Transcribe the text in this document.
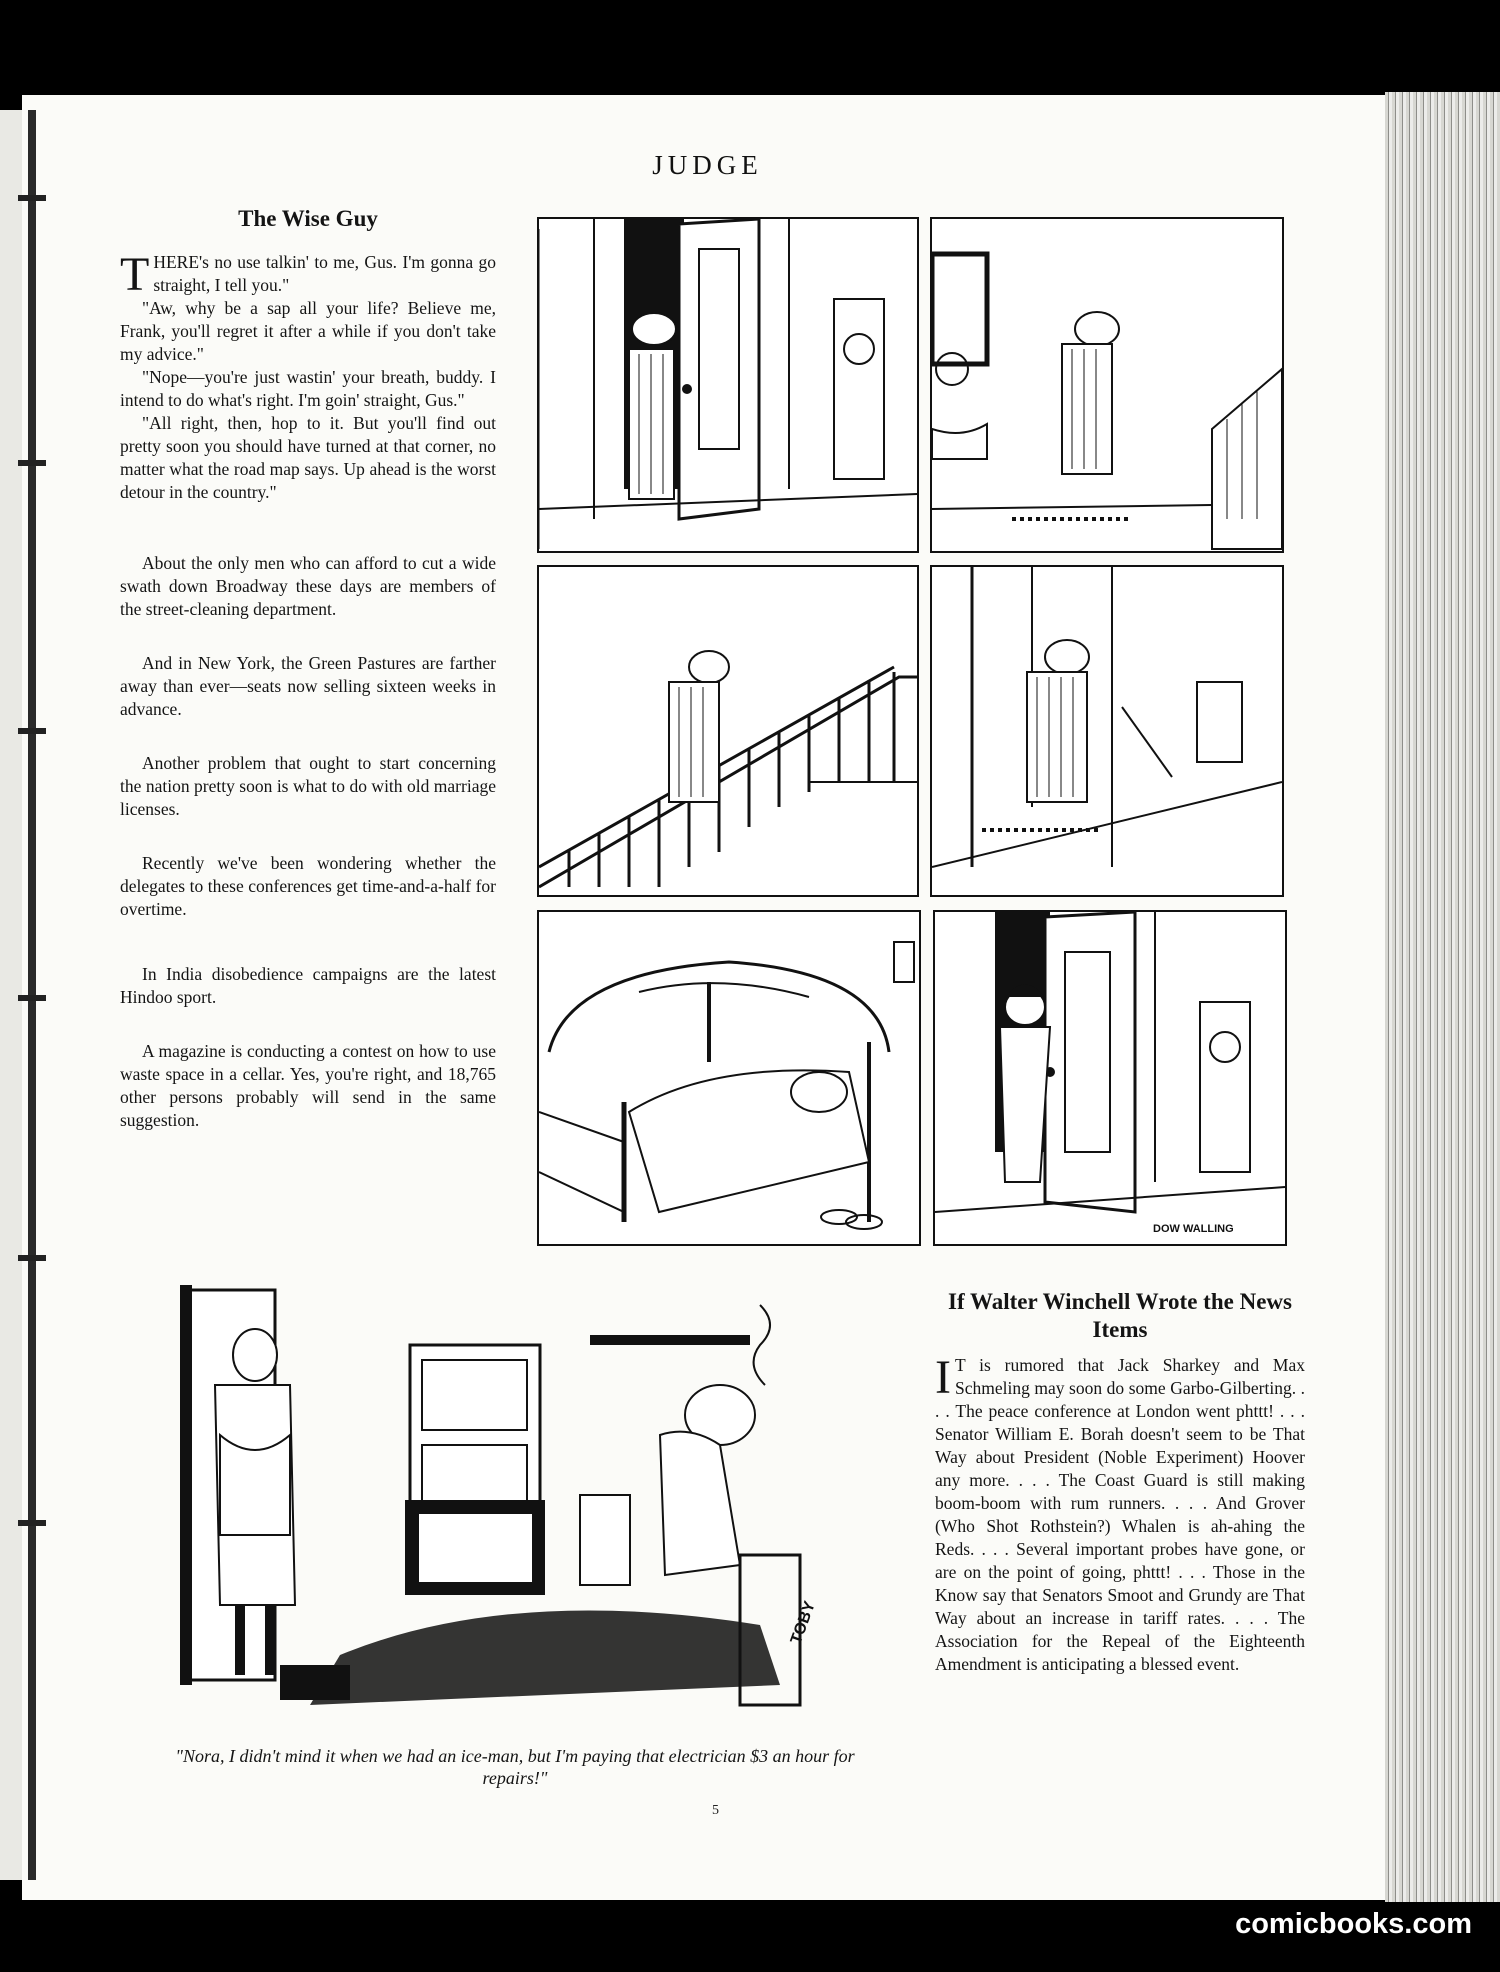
JUDGE
The Wise Guy

THERE's no use talkin' to me, Gus. I'm gonna go straight, I tell you."

"Aw, why be a sap all your life? Believe me, Frank, you'll regret it after a while if you don't take my advice."

"Nope—you're just wastin' your breath, buddy. I intend to do what's right. I'm goin' straight, Gus."

"All right, then, hop to it. But you'll find out pretty soon you should have turned at that corner, no matter what the road map says. Up ahead is the worst detour in the country."

About the only men who can afford to cut a wide swath down Broadway these days are members of the street-cleaning department.

And in New York, the Green Pastures are farther away than ever—seats now selling sixteen weeks in advance.

Another problem that ought to start concerning the nation pretty soon is what to do with old marriage licenses.

Recently we've been wondering whether the delegates to these conferences get time-and-a-half for overtime.

In India disobedience campaigns are the latest Hindoo sport.

A magazine is conducting a contest on how to use waste space in a cellar. Yes, you're right, and 18,765 other persons probably will send in the same suggestion.

DOW WALLING
TOBY
"Nora, I didn't mind it when we had an ice-man, but I'm paying that electrician $3 an hour for repairs!"
If Walter Winchell Wrote the News Items

I T is rumored that Jack Sharkey and Max Schmeling may soon do some Garbo-Gilberting. . . . The peace conference at London went phttt! . . . Senator William E. Borah doesn't seem to be That Way about President (Noble Experiment) Hoover any more. . . . The Coast Guard is still making boom-boom with rum runners. . . . And Grover (Who Shot Rothstein?) Whalen is ah-ahing the Reds. . . . Several important probes have gone, or are on the point of going, phttt! . . . Those in the Know say that Senators Smoot and Grundy are That Way about an increase in tariff rates. . . . The Association for the Repeal of the Eighteenth Amendment is anticipating a blessed event.

5
comicbooks.com
